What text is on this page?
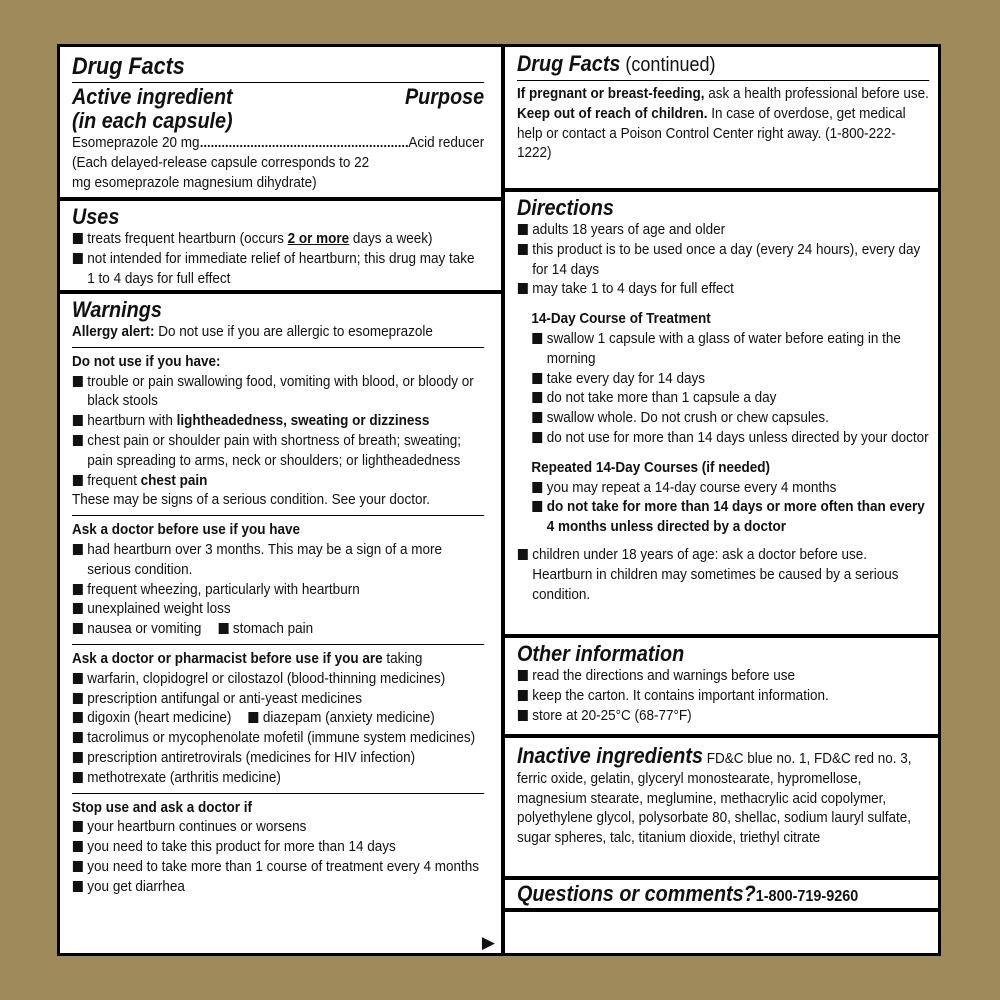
Drug Facts
Active ingredient	Purpose
(in each capsule)
Esomeprazole 20 mg	Acid reducer
(Each delayed-release capsule corresponds to 22 mg esomeprazole magnesium dihydrate)
Uses
treats frequent heartburn (occurs 2 or more days a week)
not intended for immediate relief of heartburn; this drug may take 1 to 4 days for full effect
Warnings
Allergy alert: Do not use if you are allergic to esomeprazole
Do not use if you have:
trouble or pain swallowing food, vomiting with blood, or bloody or black stools
heartburn with lightheadedness, sweating or dizziness
chest pain or shoulder pain with shortness of breath; sweating; pain spreading to arms, neck or shoulders; or lightheadedness
frequent chest pain
These may be signs of a serious condition. See your doctor.
Ask a doctor before use if you have
had heartburn over 3 months. This may be a sign of a more serious condition.
frequent wheezing, particularly with heartburn
unexplained weight loss
nausea or vomiting	stomach pain
Ask a doctor or pharmacist before use if you are taking
warfarin, clopidogrel or cilostazol (blood-thinning medicines)
prescription antifungal or anti-yeast medicines
digoxin (heart medicine)	diazepam (anxiety medicine)
tacrolimus or mycophenolate mofetil (immune system medicines)
prescription antiretrovirals (medicines for HIV infection)
methotrexate (arthritis medicine)
Stop use and ask a doctor if
your heartburn continues or worsens
you need to take this product for more than 14 days
you need to take more than 1 course of treatment every 4 months
you get diarrhea
▶
Drug Facts (continued)
If pregnant or breast-feeding, ask a health professional before use.
Keep out of reach of children. In case of overdose, get medical help or contact a Poison Control Center right away. (1-800-222-1222)
Directions
adults 18 years of age and older
this product is to be used once a day (every 24 hours), every day for 14 days
may take 1 to 4 days for full effect
14-Day Course of Treatment
swallow 1 capsule with a glass of water before eating in the morning
take every day for 14 days
do not take more than 1 capsule a day
swallow whole. Do not crush or chew capsules.
do not use for more than 14 days unless directed by your doctor
Repeated 14-Day Courses (if needed)
you may repeat a 14-day course every 4 months
do not take for more than 14 days or more often than every 4 months unless directed by a doctor
children under 18 years of age: ask a doctor before use. Heartburn in children may sometimes be caused by a serious condition.
Other information
read the directions and warnings before use
keep the carton. It contains important information.
store at 20-25°C (68-77°F)
Inactive ingredients FD&C blue no. 1, FD&C red no. 3, ferric oxide, gelatin, glyceryl monostearate, hypromellose, magnesium stearate, meglumine, methacrylic acid copolymer, polyethylene glycol, polysorbate 80, shellac, sodium lauryl sulfate, sugar spheres, talc, titanium dioxide, triethyl citrate
Questions or comments?1-800-719-9260
